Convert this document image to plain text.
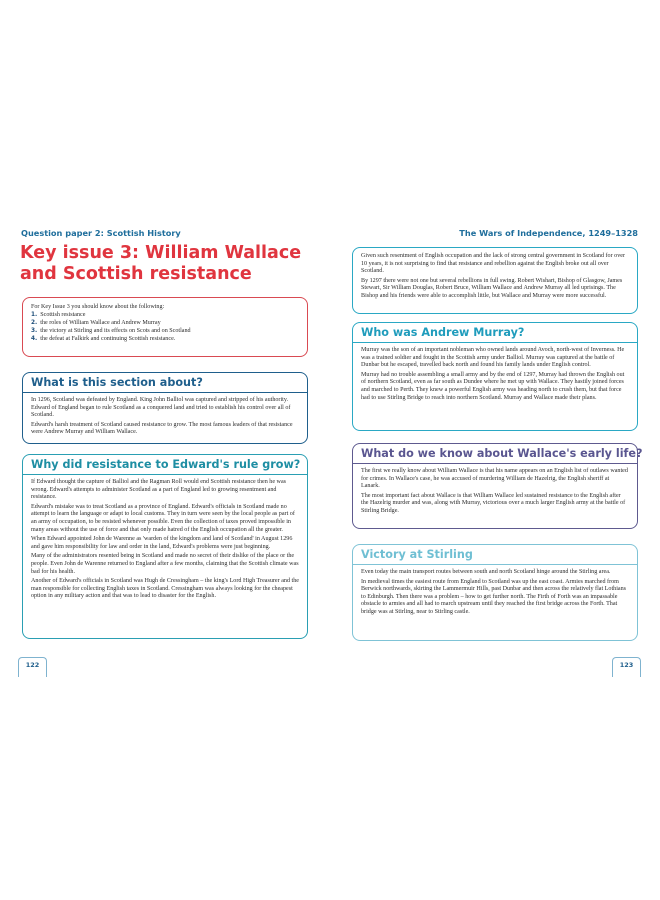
Question paper 2: Scottish History
Key issue 3: William Wallace
and Scottish resistance

For Key Issue 3 you should know about the following:

1. Scottish resistance
2. the roles of William Wallace and Andrew Murray
3. the victory at Stirling and its effects on Scots and on Scotland
4. the defeat at Falkirk and continuing Scottish resistance.
What is this section about?

In 1296, Scotland was defeated by England. King John Balliol was captured and stripped of his authority. Edward of England began to rule Scotland as a conquered land and tried to establish his control over all of Scotland.

Edward's harsh treatment of Scotland caused resistance to grow. The most famous leaders of that resistance were Andrew Murray and William Wallace.

Why did resistance to Edward's rule grow?

If Edward thought the capture of Balliol and the Ragman Roll would end Scottish resistance then he was wrong. Edward's attempts to administer Scotland as a part of England led to growing resentment and resistance.

Edward's mistake was to treat Scotland as a province of England. Edward's officials in Scotland made no attempt to learn the language or adapt to local customs. They in turn were seen by the local people as part of an army of occupation, to be resisted whenever possible. Even the collection of taxes proved impossible in many areas without the use of force and that only made hatred of the English occupation all the greater.

When Edward appointed John de Warenne as 'warden of the kingdom and land of Scotland' in August 1296 and gave him responsibility for law and order in the land, Edward's problems were just beginning.

Many of the administrators resented being in Scotland and made no secret of their dislike of the place or the people. Even John de Warenne returned to England after a few months, claiming that the Scottish climate was bad for his health.

Another of Edward's officials in Scotland was Hugh de Cressingham – the king's Lord High Treasurer and the man responsible for collecting English taxes in Scotland. Cressingham was always looking for the cheapest option in any military action and that was to lead to disaster for the English.

122
The Wars of Independence, 1249–1328

Given such resentment of English occupation and the lack of strong central government in Scotland for over 10 years, it is not surprising to find that resistance and rebellion against the English broke out all over Scotland.

By 1297 there were not one but several rebellions in full swing. Robert Wishart, Bishop of Glasgow, James Stewart, Sir William Douglas, Robert Bruce, William Wallace and Andrew Murray all led uprisings. The Bishop and his friends were able to accomplish little, but Wallace and Murray were more successful.

Who was Andrew Murray?

Murray was the son of an important nobleman who owned lands around Avoch, north-west of Inverness. He was a trained soldier and fought in the Scottish army under Balliol. Murray was captured at the battle of Dunbar but he escaped, travelled back north and found his family lands under English control.

Murray had no trouble assembling a small army and by the end of 1297, Murray had thrown the English out of northern Scotland, even as far south as Dundee where he met up with Wallace. They hastily joined forces and marched to Perth. They knew a powerful English army was heading north to crush them, but that force had to use Stirling Bridge to reach into northern Scotland. Murray and Wallace made their plans.

What do we know about Wallace's early life?

The first we really know about William Wallace is that his name appears on an English list of outlaws wanted for crimes. In Wallace's case, he was accused of murdering William de Hazelrig, the English sheriff at Lanark.

The most important fact about Wallace is that William Wallace led sustained resistance to the English after the Hazelrig murder and was, along with Murray, victorious over a much larger English army at the battle of Stirling Bridge.

Victory at Stirling

Even today the main transport routes between south and north Scotland hinge around the Stirling area.

In medieval times the easiest route from England to Scotland was up the east coast. Armies marched from Berwick northwards, skirting the Lammermuir Hills, past Dunbar and then across the relatively flat Lothians to Edinburgh. Then there was a problem – how to get further north. The Firth of Forth was an impassable obstacle to armies and all had to march upstream until they reached the first bridge across the Forth. That bridge was at Stirling, near to Stirling castle.

123
